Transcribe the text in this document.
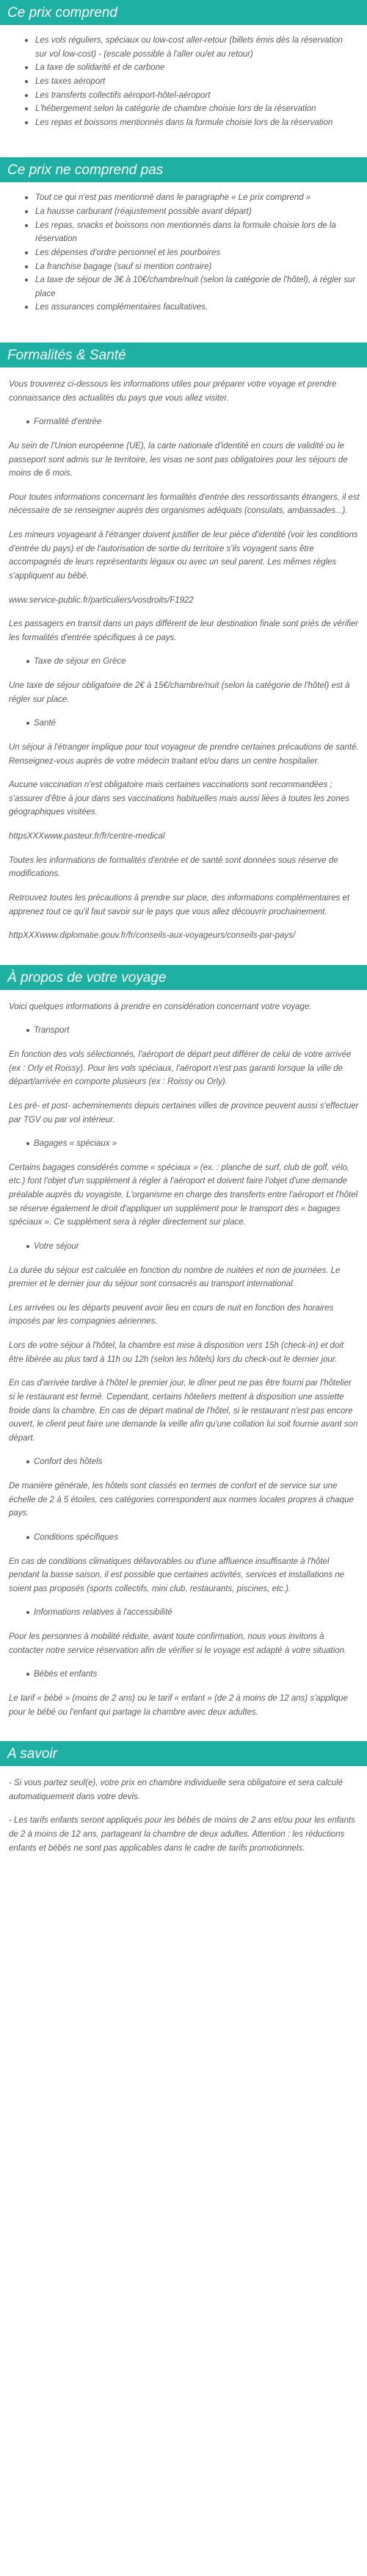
Ce prix comprend
Les vols réguliers, spéciaux ou low-cost aller-retour (billets émis dès la réservation sur vol low-cost) - (escale possible à l'aller ou/et au retour)
La taxe de solidarité et de carbone
Les taxes aéroport
Les transferts collectifs aéroport-hôtel-aéroport
L'hébergement selon la catégorie de chambre choisie lors de la réservation
Les repas et boissons mentionnés dans la formule choisie lors de la réservation
Ce prix ne comprend pas
Tout ce qui n'est pas mentionné dans le paragraphe « Le prix comprend »
La hausse carburant (réajustement possible avant départ)
Les repas, snacks et boissons non mentionnés dans la formule choisie lors de la réservation
Les dépenses d'ordre personnel et les pourboires
La franchise bagage (sauf si mention contraire)
La taxe de séjour de 3€ à 10€/chambre/nuit (selon la catégorie de l'hôtel), à régler sur place
Les assurances complémentaires facultatives.
Formalités & Santé

Vous trouverez ci-dessous les informations utiles pour préparer votre voyage et prendre connaissance des actualités du pays que vous allez visiter.

Formalité d'entrée

Au sein de l'Union européenne (UE), la carte nationale d'identité en cours de validité ou le passeport sont admis sur le territoire, les visas ne sont pas obligatoires pour les séjours de moins de 6 mois.

Pour toutes informations concernant les formalités d'entrée des ressortissants étrangers, il est nécessaire de se renseigner auprès des organismes adéquats (consulats, ambassades...).

Les mineurs voyageant à l'étranger doivent justifier de leur pièce d'identité (voir les conditions d'entrée du pays) et de l'autorisation de sortie du territoire s'ils voyagent sans être accompagnés de leurs représentants légaux ou avec un seul parent. Les mêmes règles s'appliquent au bébé.

www.service-public.fr/particuliers/vosdroits/F1922

Les passagers en transit dans un pays différent de leur destination finale sont priés de vérifier les formalités d'entrée spécifiques à ce pays.

Taxe de séjour en Grèce

Une taxe de séjour obligatoire de 2€ à 15€/chambre/nuit (selon la catégorie de l'hôtel) est à régler sur place.

Santé

Un séjour à l'étranger implique pour tout voyageur de prendre certaines précautions de santé. Renseignez-vous auprès de votre médecin traitant et/ou dans un centre hospitalier.

Aucune vaccination n'est obligatoire mais certaines vaccinations sont recommandées ; s'assurer d'être à jour dans ses vaccinations habituelles mais aussi liées à toutes les zones géographiques visitées.

httpsXXXwww.pasteur.fr/fr/centre-medical

Toutes les informations de formalités d'entrée et de santé sont données sous réserve de modifications.

Retrouvez toutes les précautions à prendre sur place, des informations complémentaires et apprenez tout ce qu'il faut savoir sur le pays que vous allez découvrir prochainement.

httpXXXwww.diplomatie.gouv.fr/fr/conseils-aux-voyageurs/conseils-par-pays/

À propos de votre voyage

Voici quelques informations à prendre en considération concernant votre voyage.

Transport

En fonction des vols sélectionnés, l'aéroport de départ peut différer de celui de votre arrivée (ex : Orly et Roissy). Pour les vols spéciaux, l'aéroport n'est pas garanti lorsque la ville de départ/arrivée en comporte plusieurs (ex : Roissy ou Orly).

Les pré- et post- acheminements depuis certaines villes de province peuvent aussi s'effectuer par TGV ou par vol intérieur.

Bagages « spéciaux »

Certains bagages considérés comme « spéciaux » (ex. : planche de surf, club de golf, vélo, etc.) font l'objet d'un supplément à régler à l'aéroport et doivent faire l'objet d'une demande préalable auprès du voyagiste. L'organisme en charge des transferts entre l'aéroport et l'hôtel se réserve également le droit d'appliquer un supplément pour le transport des « bagages spéciaux ». Ce supplément sera à régler directement sur place.

Votre séjour

La durée du séjour est calculée en fonction du nombre de nuitées et non de journées. Le premier et le dernier jour du séjour sont consacrés au transport international.

Les arrivées ou les départs peuvent avoir lieu en cours de nuit en fonction des horaires imposés par les compagnies aériennes.

Lors de votre séjour à l'hôtel, la chambre est mise à disposition vers 15h (check-in) et doit être libérée au plus tard à 11h ou 12h (selon les hôtels) lors du check-out le dernier jour.

En cas d'arrivée tardive à l'hôtel le premier jour, le dîner peut ne pas être fourni par l'hôtelier si le restaurant est fermé. Cependant, certains hôteliers mettent à disposition une assiette froide dans la chambre. En cas de départ matinal de l'hôtel, si le restaurant n'est pas encore ouvert, le client peut faire une demande la veille afin qu'une collation lui soit fournie avant son départ.

Confort des hôtels

De manière générale, les hôtels sont classés en termes de confort et de service sur une échelle de 2 à 5 étoiles, ces catégories correspondent aux normes locales propres à chaque pays.

Conditions spécifiques

En cas de conditions climatiques défavorables ou d'une affluence insuffisante à l'hôtel pendant la basse saison, il est possible que certaines activités, services et installations ne soient pas proposés (sports collectifs, mini club, restaurants, piscines, etc.).

Informations relatives à l'accessibilité

Pour les personnes à mobilité réduite, avant toute confirmation, nous vous invitons à contacter notre service réservation afin de vérifier si le voyage est adapté à votre situation.

Bébés et enfants

Le tarif « bébé » (moins de 2 ans) ou le tarif « enfant » (de 2 à moins de 12 ans) s'applique pour le bébé ou l'enfant qui partage la chambre avec deux adultes.

A savoir

- Si vous partez seul(e), votre prix en chambre individuelle sera obligatoire et sera calculé automatiquement dans votre devis.

- Les tarifs enfants seront appliqués pour les bébés de moins de 2 ans et/ou pour les enfants de 2 à moins de 12 ans, partageant la chambre de deux adultes. Attention : les réductions enfants et bébés ne sont pas applicables dans le cadre de tarifs promotionnels.
